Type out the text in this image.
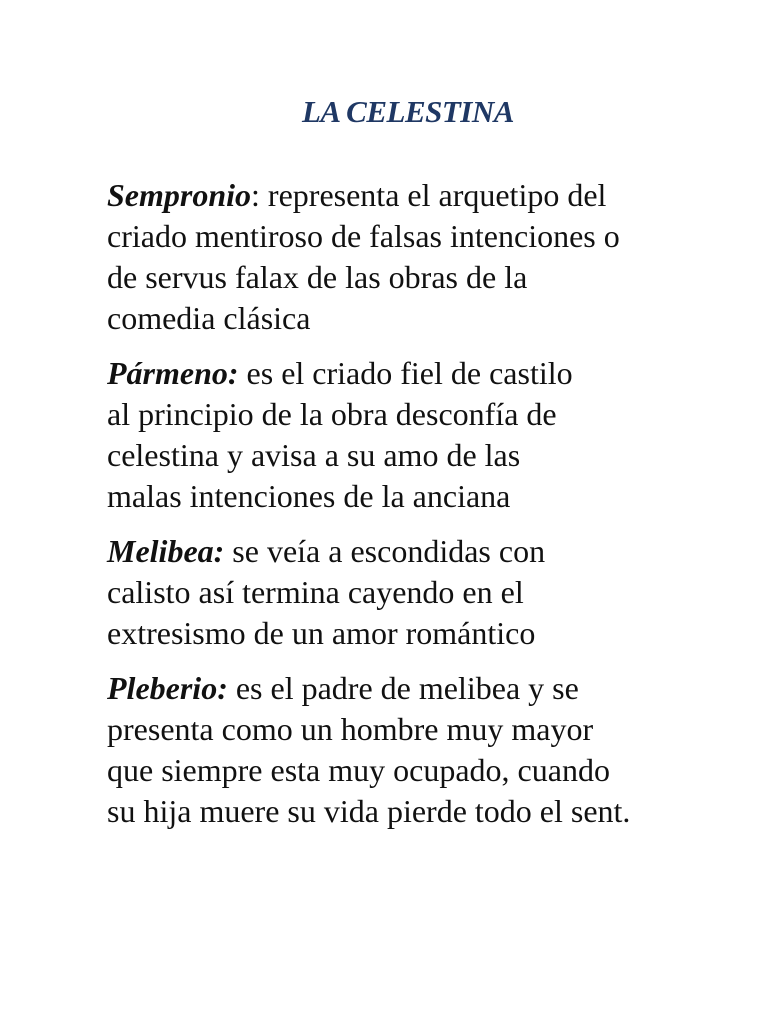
LA CELESTINA

Sempronio: representa el arquetipo del
criado mentiroso de falsas intenciones o
de servus falax de las obras de la
comedia clásica

Pármeno: es el criado fiel de castilo
al principio de la obra desconfía de
celestina y avisa a su amo de las
malas intenciones de la anciana

Melibea: se veía a escondidas con
calisto así termina cayendo en el
extresismo de un amor romántico

Pleberio: es el padre de melibea y se
presenta como un hombre muy mayor
que siempre esta muy ocupado, cuando
su hija muere su vida pierde todo el sent.
